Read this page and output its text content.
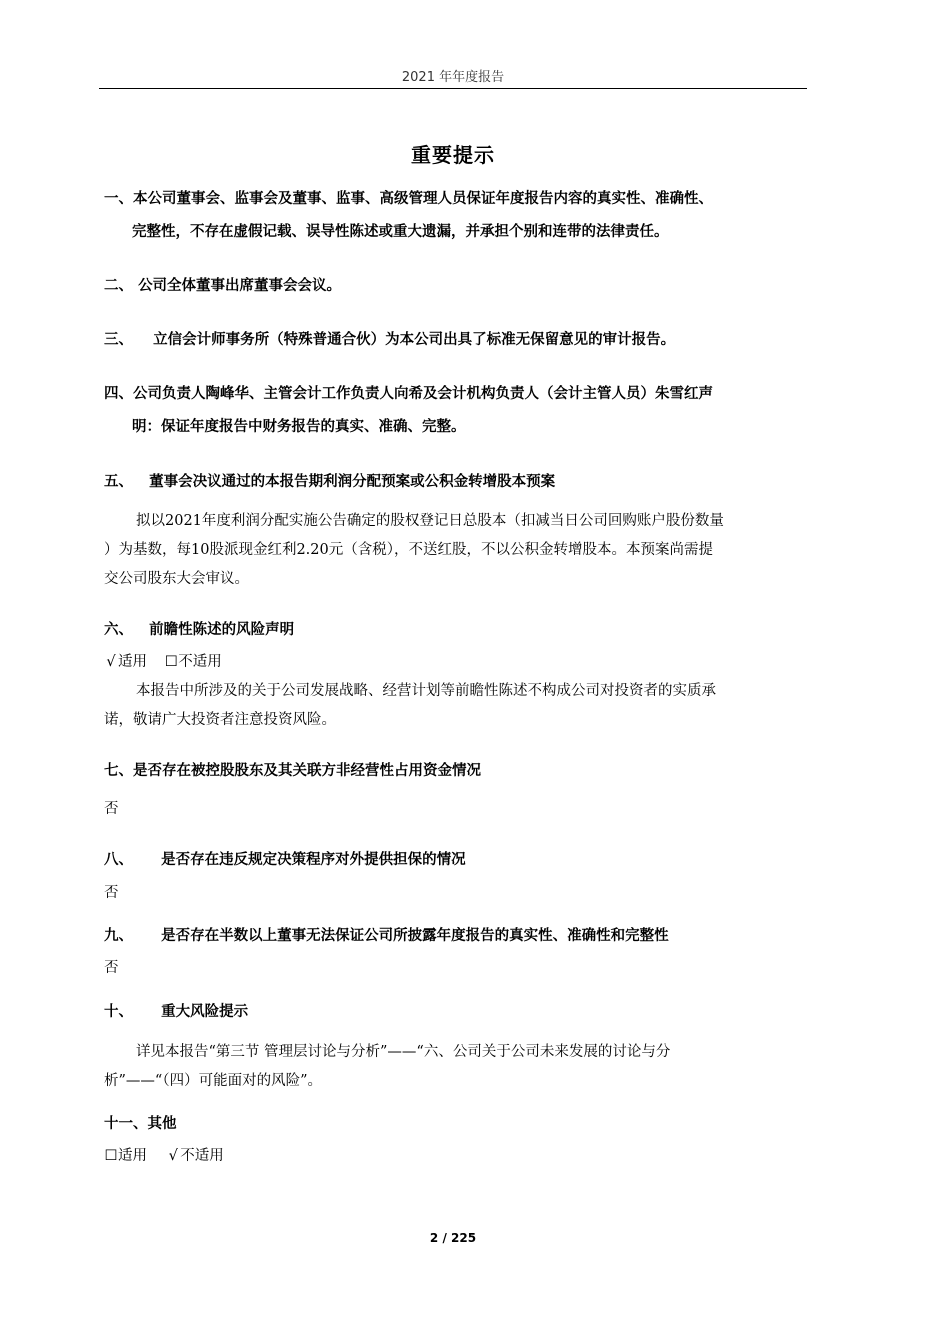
2021 年年度报告
重要提示
一、本公司董事会、监事会及董事、监事、高级管理人员保证年度报告内容的真实性、准确性、
完整性，不存在虚假记载、误导性陈述或重大遗漏，并承担个别和连带的法律责任。
二、 公司全体董事出席董事会会议。
三、 立信会计师事务所（特殊普通合伙）为本公司出具了标准无保留意见的审计报告。
四、公司负责人陶峰华、主管会计工作负责人向希及会计机构负责人（会计主管人员）朱雪红声
明：保证年度报告中财务报告的真实、准确、完整。
五、 董事会决议通过的本报告期利润分配预案或公积金转增股本预案
拟以2021年度利润分配实施公告确定的股权登记日总股本（扣减当日公司回购账户股份数量
）为基数，每10股派现金红利2.20元（含税），不送红股，不以公积金转增股本。本预案尚需提
交公司股东大会审议。
六、 前瞻性陈述的风险声明
√ 适用 ☐不适用
本报告中所涉及的关于公司发展战略、经营计划等前瞻性陈述不构成公司对投资者的实质承
诺，敬请广大投资者注意投资风险。
七、是否存在被控股股东及其关联方非经营性占用资金情况
否
八、 是否存在违反规定决策程序对外提供担保的情况
否
九、 是否存在半数以上董事无法保证公司所披露年度报告的真实性、准确性和完整性
否
十、 重大风险提示
详见本报告“第三节 管理层讨论与分析”——“六、公司关于公司未来发展的讨论与分
析”——“（四）可能面对的风险”。
十一、其他
☐适用 √ 不适用
2 / 225
